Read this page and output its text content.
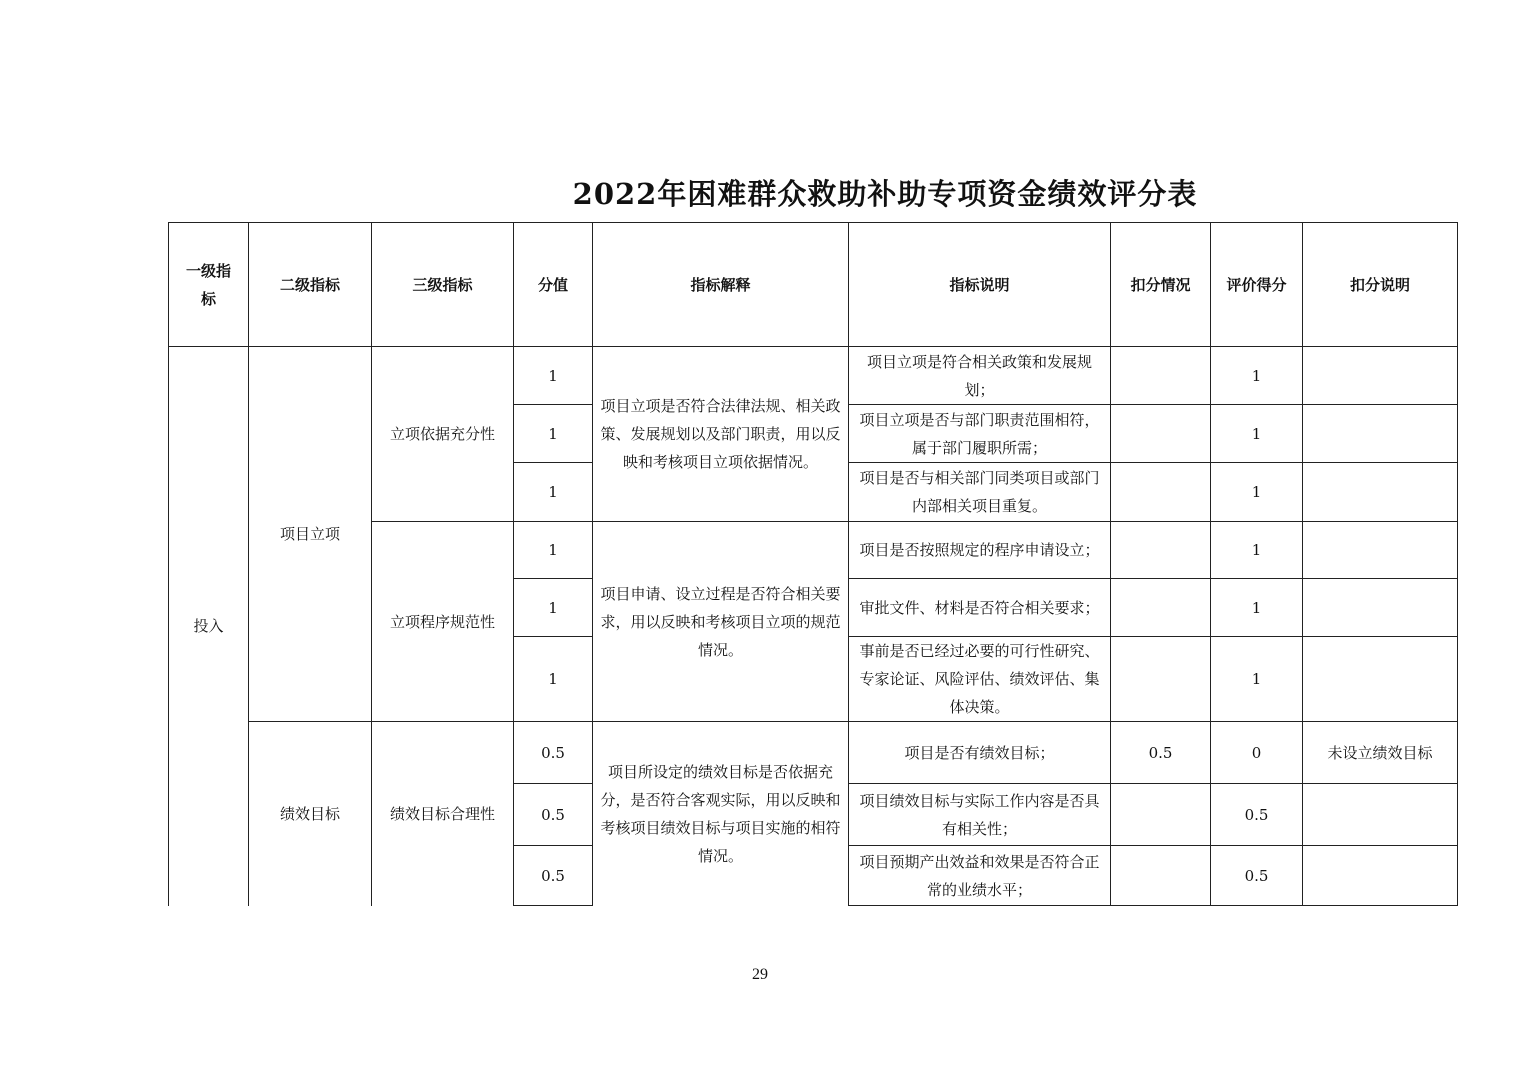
2022年困难群众救助补助专项资金绩效评分表
一级指标	二级指标	三级指标	分值	指标解释	指标说明	扣分情况	评价得分	扣分说明
投入	项目立项	立项依据充分性	1	项目立项是否符合法律法规、相关政策、发展规划以及部门职责，用以反映和考核项目立项依据情况。	项目立项是符合相关政策和发展规划；		1	
			1		项目立项是否与部门职责范围相符，属于部门履职所需；		1	
			1		项目是否与相关部门同类项目或部门内部相关项目重复。		1	
		立项程序规范性	1	项目申请、设立过程是否符合相关要求，用以反映和考核项目立项的规范情况。	项目是否按照规定的程序申请设立；		1	
			1		审批文件、材料是否符合相关要求；		1	
			1		事前是否已经过必要的可行性研究、专家论证、风险评估、绩效评估、集体决策。		1	
	绩效目标	绩效目标合理性	0.5	项目所设定的绩效目标是否依据充分，是否符合客观实际，用以反映和考核项目绩效目标与项目实施的相符情况。	项目是否有绩效目标；	0.5	0	未设立绩效目标
			0.5		项目绩效目标与实际工作内容是否具有相关性；		0.5	
			0.5		项目预期产出效益和效果是否符合正常的业绩水平；		0.5	
29
